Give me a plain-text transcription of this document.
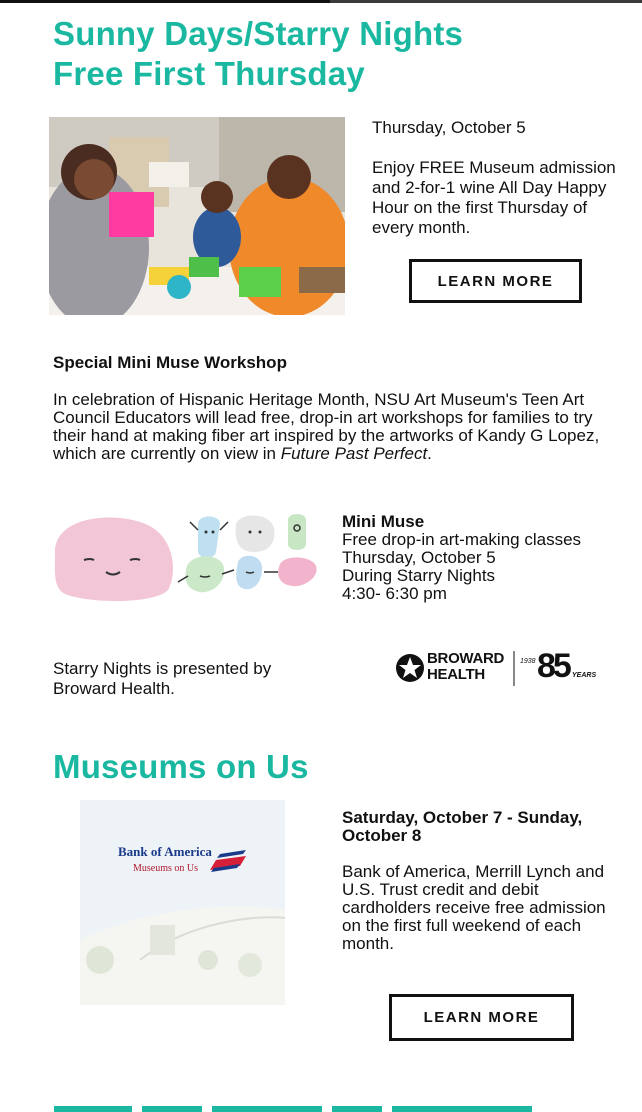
Sunny Days/Starry Nights
Free First Thursday
Thursday, October 5
Enjoy FREE Museum admission and 2-for-1 wine All Day Happy Hour on the first Thursday of every month.
LEARN MORE
Special Mini Muse Workshop
In celebration of Hispanic Heritage Month, NSU Art Museum's Teen Art Council Educators will lead free, drop-in art workshops for families to try their hand at making fiber art inspired by the artworks of Kandy G Lopez, which are currently on view in Future Past Perfect.
Mini Muse
Free drop-in art-making classes
Thursday, October 5
During Starry Nights
4:30- 6:30 pm
Starry Nights is presented by Broward Health.
BROWARD
HEALTH
1938 85 YEARS
Museums on Us
Bank of America
Museums on Us
Saturday, October 7 - Sunday, October 8
Bank of America, Merrill Lynch and U.S. Trust credit and debit cardholders receive free admission on the first full weekend of each month.
LEARN MORE
